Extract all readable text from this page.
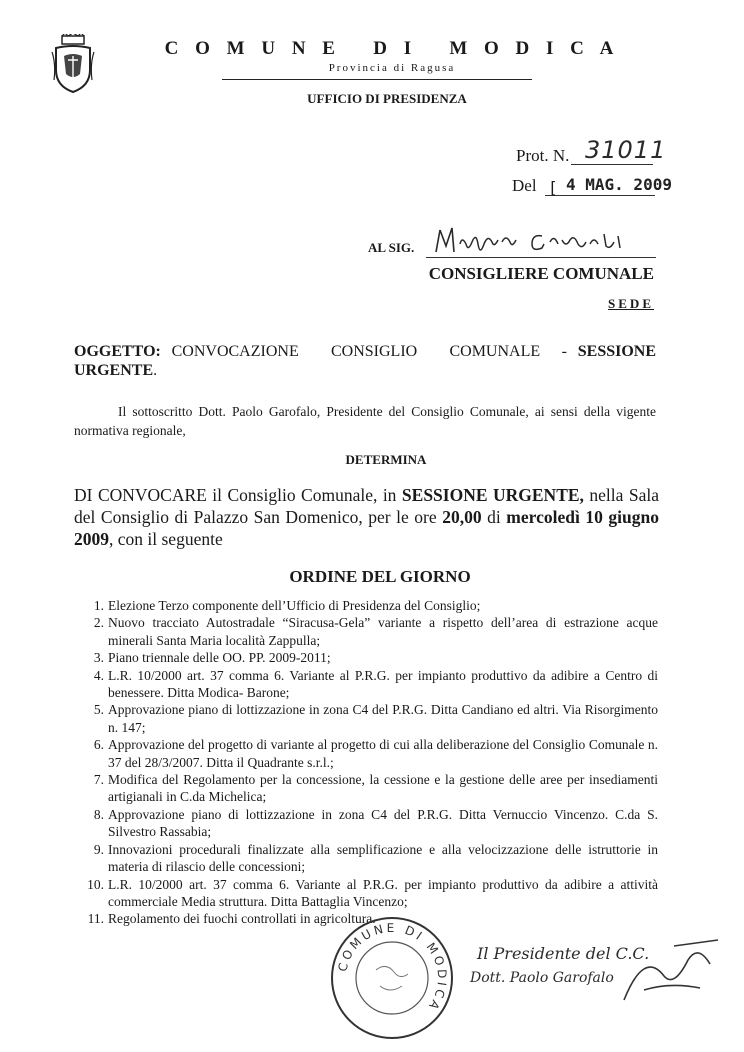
C O M U N E   D I   M O D I C A
Provincia di Ragusa
UFFICIO DI PRESIDENZA
Prot. N. 31011
Del [ 4 MAG. 2009
AL SIG.
CONSIGLIERE COMUNALE
SEDE
OGGETTO: CONVOCAZIONE   CONSIGLIO   COMUNALE  - SESSIONE URGENTE.
Il sottoscritto Dott. Paolo Garofalo, Presidente del Consiglio Comunale, ai sensi della vigente normativa regionale,
DETERMINA
DI CONVOCARE il Consiglio Comunale, in SESSIONE URGENTE, nella Sala del Consiglio di Palazzo San Domenico, per le ore 20,00 di mercoledì 10 giugno 2009, con il seguente
ORDINE DEL GIORNO
1. Elezione Terzo componente dell’Ufficio di Presidenza del Consiglio;
2. Nuovo tracciato Autostradale “Siracusa-Gela” variante a rispetto dell’area di estrazione acque minerali Santa Maria località Zappulla;
3. Piano triennale delle OO. PP. 2009-2011;
4. L.R. 10/2000 art. 37 comma 6. Variante al P.R.G. per impianto produttivo da adibire a Centro di benessere. Ditta Modica- Barone;
5. Approvazione piano di lottizzazione in zona C4 del P.R.G. Ditta Candiano ed altri. Via Risorgimento n. 147;
6. Approvazione del progetto di variante al progetto di cui alla deliberazione del Consiglio Comunale n. 37 del 28/3/2007. Ditta il Quadrante s.r.l.;
7. Modifica del Regolamento per la concessione, la cessione e la gestione delle aree per insediamenti artigianali in C.da Michelica;
8. Approvazione piano di lottizzazione in zona C4 del P.R.G. Ditta Vernuccio Vincenzo. C.da S. Silvestro Rassabia;
9. Innovazioni procedurali finalizzate alla semplificazione e alla velocizzazione delle istruttorie in materia di rilascio delle concessioni;
10. L.R. 10/2000 art. 37 comma 6. Variante al P.R.G. per impianto produttivo da adibire a attività commerciale Media struttura. Ditta Battaglia Vincenzo;
11. Regolamento dei fuochi controllati in agricoltura.
COMUNE DI MODICA
Il Presidente del C.C.
Dott. Paolo Garofalo
